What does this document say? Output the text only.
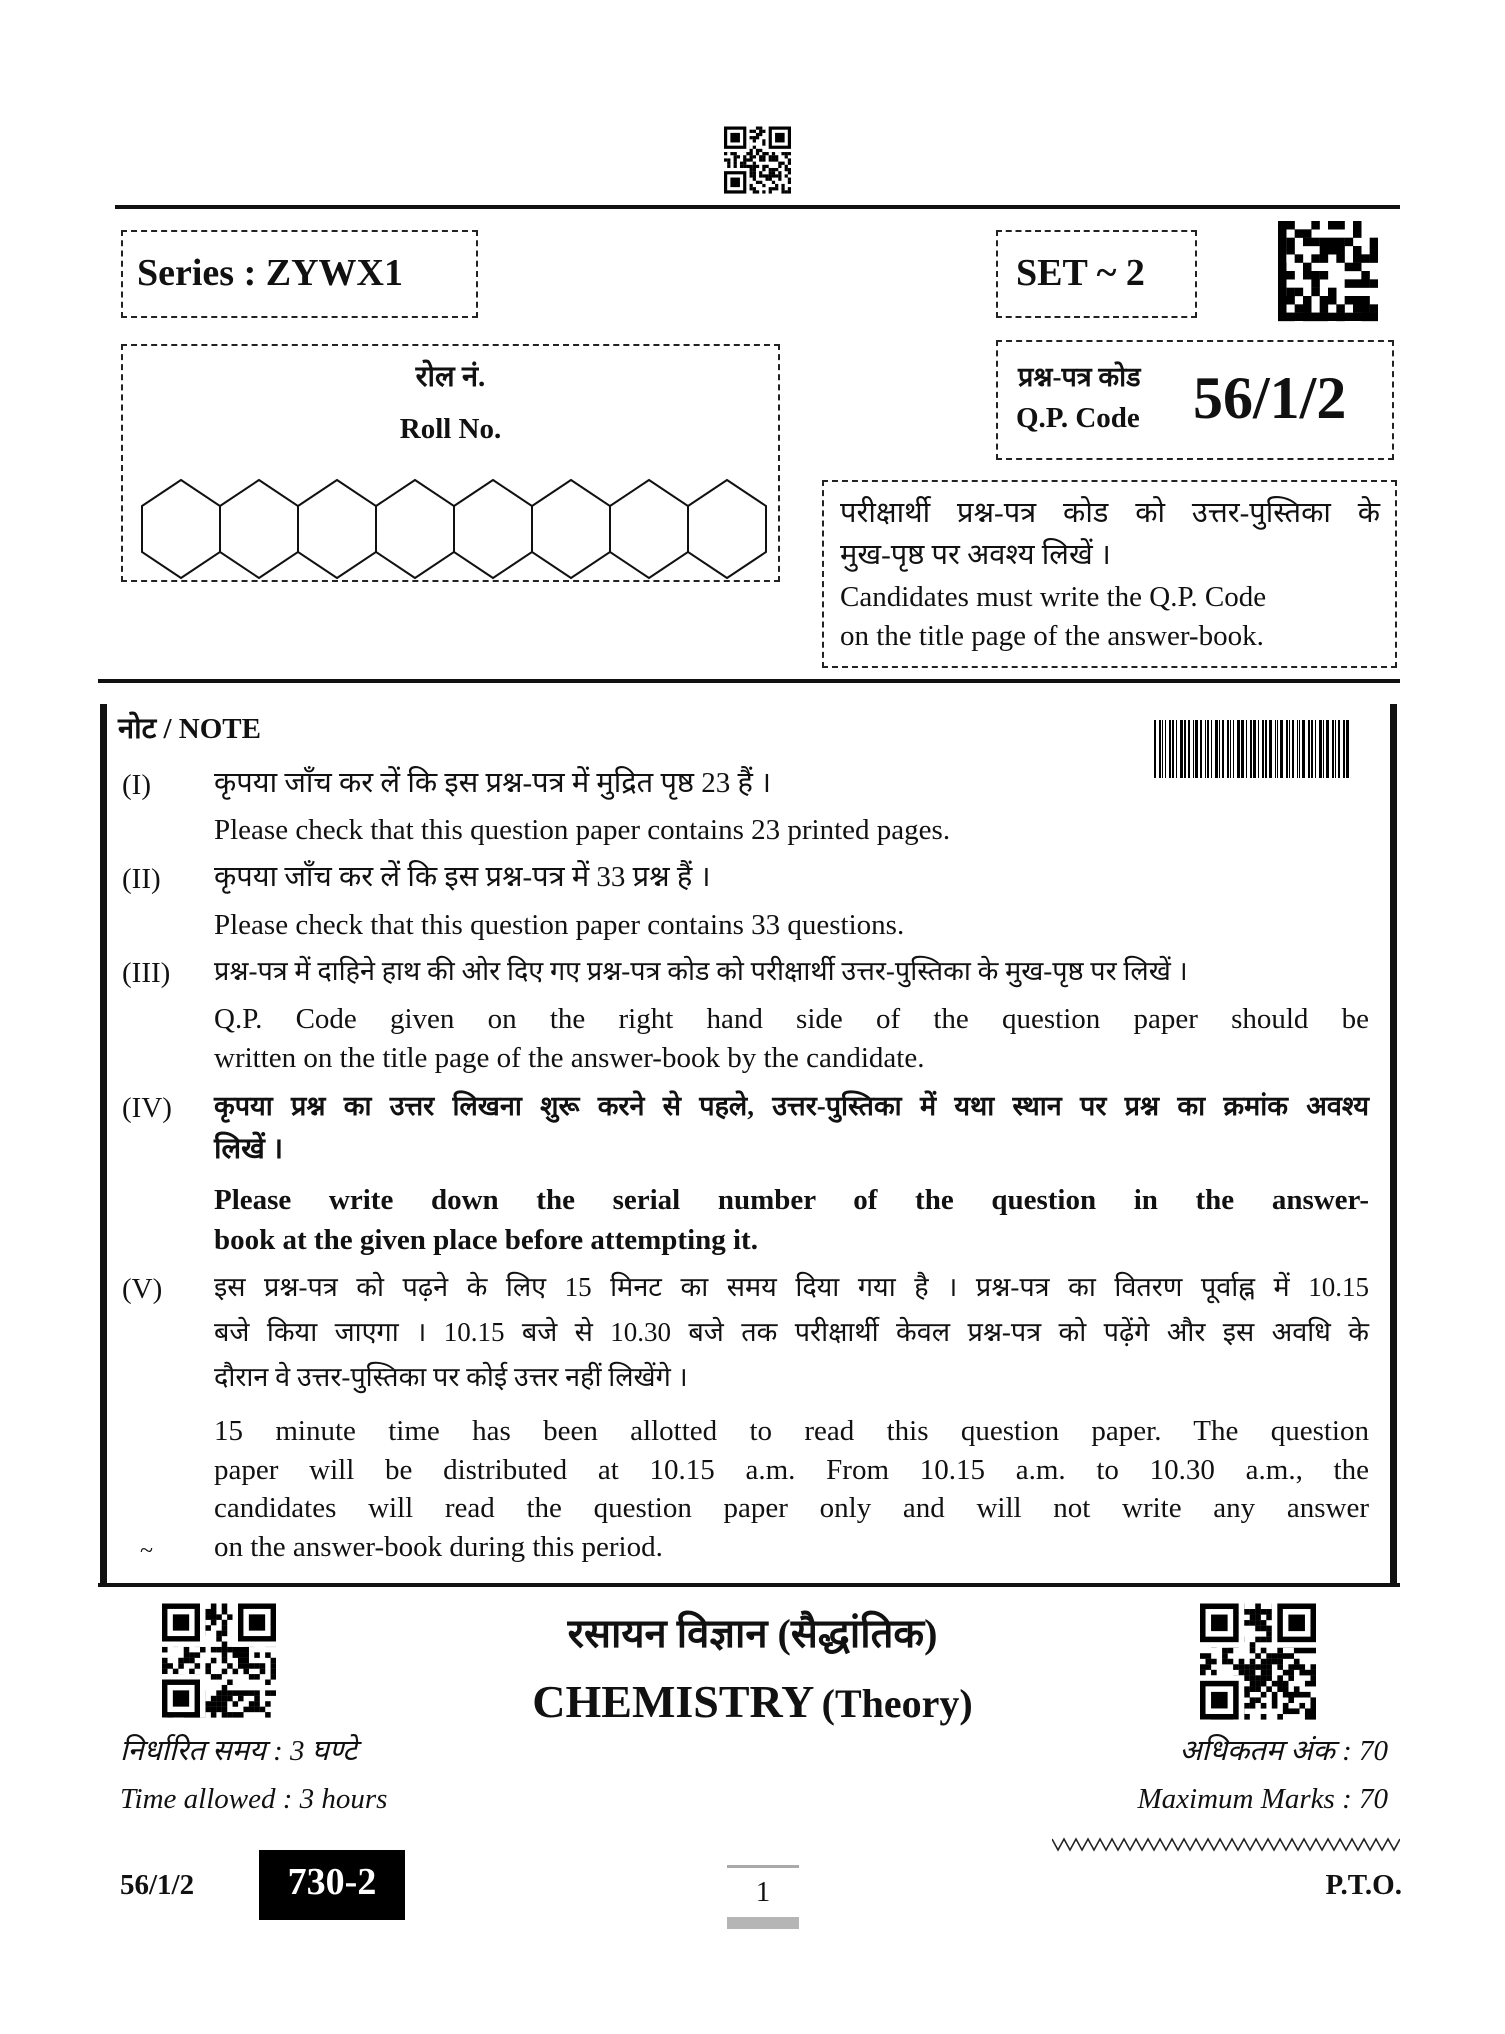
Series : ZYWX1	SET ~ 2
रोल नं.
Roll No.
प्रश्न-पत्र कोड
Q.P. Code 56/1/2
परीक्षार्थी प्रश्न-पत्र कोड को उत्तर-पुस्तिका के
मुख-पृष्ठ पर अवश्य लिखें ।
Candidates must write the Q.P. Code
on the title page of the answer-book.
नोट / NOTE
(I) कृपया जाँच कर लें कि इस प्रश्न-पत्र में मुद्रित पृष्ठ 23 हैं ।
Please check that this question paper contains 23 printed pages.
(II) कृपया जाँच कर लें कि इस प्रश्न-पत्र में 33 प्रश्न हैं ।
Please check that this question paper contains 33 questions.
(III) प्रश्न-पत्र में दाहिने हाथ की ओर दिए गए प्रश्न-पत्र कोड को परीक्षार्थी उत्तर-पुस्तिका के मुख-पृष्ठ पर लिखें ।
Q.P. Code given on the right hand side of the question paper should be
written on the title page of the answer-book by the candidate.
(IV) कृपया प्रश्न का उत्तर लिखना शुरू करने से पहले, उत्तर-पुस्तिका में यथा स्थान पर प्रश्न का क्रमांक अवश्य
लिखें ।
Please write down the serial number of the question in the answer-
book at the given place before attempting it.
(V) इस प्रश्न-पत्र को पढ़ने के लिए 15 मिनट का समय दिया गया है । प्रश्न-पत्र का वितरण पूर्वाह्न में 10.15
बजे किया जाएगा । 10.15 बजे से 10.30 बजे तक परीक्षार्थी केवल प्रश्न-पत्र को पढ़ेंगे और इस अवधि के
दौरान वे उत्तर-पुस्तिका पर कोई उत्तर नहीं लिखेंगे ।
15 minute time has been allotted to read this question paper. The question
paper will be distributed at 10.15 a.m. From 10.15 a.m. to 10.30 a.m., the
candidates will read the question paper only and will not write any answer
on the answer-book during this period.
~
रसायन विज्ञान (सैद्धांतिक)
CHEMISTRY (Theory)
निर्धारित समय : 3 घण्टे
Time allowed : 3 hours
अधिकतम अंक : 70
Maximum Marks : 70
56/1/2	730-2	1	P.T.O.
